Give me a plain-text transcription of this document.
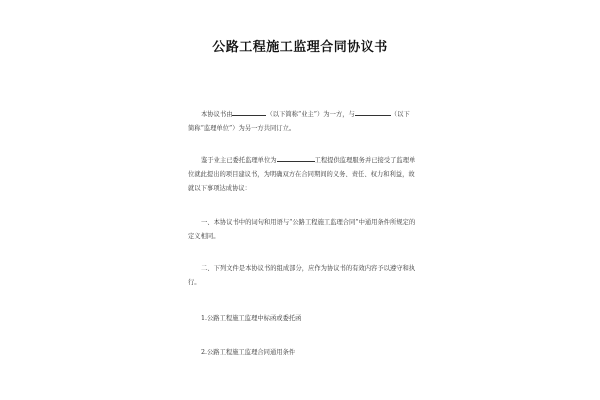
公路工程施工监理合同协议书
本协议书由	（以下简称“业主”）为一方，与	（以下
简称“监理单位”）为另一方共同订立。
鉴于业主已委托监理单位为	工程提供监理服务并已接受了监理单
位就此提出的项目建议书，为明确双方在合同期间的义务、责任、权力和利益，故
就以下事项达成协议：
一、本协议书中的词句和用语与“公路工程施工监理合同”中通用条件所规定的
定义相同。
二、下列文件是本协议书的组成部分，应作为协议书的有效内容予以遵守和执
行。
1.公路工程施工监理中标函或委托函
2.公路工程施工监理合同通用条件
